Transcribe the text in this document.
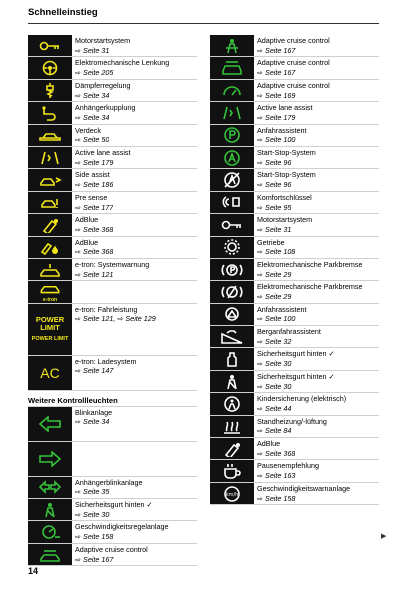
Schnelleinstieg
Motorstartsystem
⇨ Seite 31
Elektromechanische Lenkung
⇨ Seite 205
Dämpferregelung
⇨ Seite 34
Anhängerkupplung
⇨ Seite 34
Verdeck
⇨ Seite 50
Active lane assist
⇨ Seite 179
Side assist
⇨ Seite 186
Pre sense
⇨ Seite 177
AdBlue
⇨ Seite 368
AdBlue
⇨ Seite 368
e-tron: Systemwarnung
⇨ Seite 121
e-tron
POWER
LIMIT
POWER LIMIT
e-tron: Fahrleistung
⇨ Seite 121, ⇨ Seite 129
AC
e-tron: Ladesystem
⇨ Seite 147
Weitere Kontrollleuchten
Blinkanlage
⇨ Seite 34
Anhängerblinkanlage
⇨ Seite 35
Sicherheitsgurt hinten ✓
⇨ Seite 30
Geschwindigkeitsregelanlage
⇨ Seite 158
Adaptive cruise control
⇨ Seite 167
Adaptive cruise control
⇨ Seite 167
Adaptive cruise control
⇨ Seite 167
Adaptive cruise control
⇨ Seite 169
Active lane assist
⇨ Seite 179
Anfahrassistent
⇨ Seite 100
Start-Stop-System
⇨ Seite 96
Start-Stop-System
⇨ Seite 96
Komfortschlüssel
⇨ Seite 95
Motorstartsystem
⇨ Seite 31
Getriebe
⇨ Seite 108
Elektromechanische Parkbremse
⇨ Seite 29
Elektromechanische Parkbremse
⇨ Seite 29
Anfahrassistent
⇨ Seite 100
Berganfahrassistent
⇨ Seite 32
Sicherheitsgurt hinten ✓
⇨ Seite 30
Sicherheitsgurt hinten ✓
⇨ Seite 30
Kindersicherung (elektrisch)
⇨ Seite 44
Standheizung/-lüftung
⇨ Seite 84
AdBlue
⇨ Seite 368
Pausenempfehlung
⇨ Seite 163
km/h
Geschwindigkeitswarnanlage
⇨ Seite 158
▶
14
